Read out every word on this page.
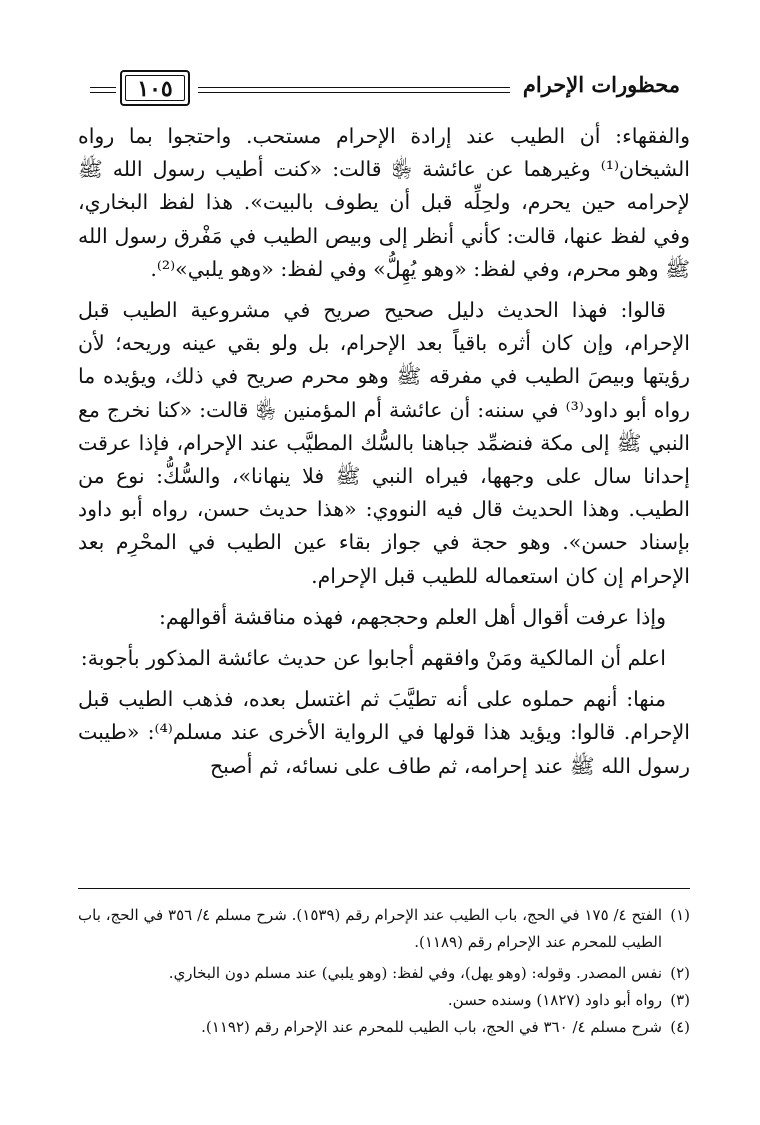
محظورات الإحرام
١٠٥

والفقهاء: أن الطيب عند إرادة الإحرام مستحب. واحتجوا بما رواه الشيخان⁽¹⁾ وغيرهما عن عائشة ﵂ قالت: «كنت أطيب رسول الله ﷺ لإحرامه حين يحرم، ولحِلِّه قبل أن يطوف بالبيت». هذا لفظ البخاري، وفي لفظ عنها، قالت: كأني أنظر إلى وبيص الطيب في مَفْرق رسول الله ﷺ وهو محرم، وفي لفظ: «وهو يُهِلُّ» وفي لفظ: «وهو يلبي»⁽²⁾.

قالوا: فهذا الحديث دليل صحيح صريح في مشروعية الطيب قبل الإحرام، وإن كان أثره باقياً بعد الإحرام، بل ولو بقي عينه وريحه؛ لأن رؤيتها وبيصَ الطيب في مفرقه ﷺ وهو محرم صريح في ذلك، ويؤيده ما رواه أبو داود⁽³⁾ في سننه: أن عائشة أم المؤمنين ﵂ قالت: «كنا نخرج مع النبي ﷺ إلى مكة فنضمِّد جباهنا بالسُّك المطيَّب عند الإحرام، فإذا عرقت إحدانا سال على وجهها، فيراه النبي ﷺ فلا ينهانا»، والسُّكُّ: نوع من الطيب. وهذا الحديث قال فيه النووي: «هذا حديث حسن، رواه أبو داود بإسناد حسن». وهو حجة في جواز بقاء عين الطيب في المحْرِم بعد الإحرام إن كان استعماله للطيب قبل الإحرام.

وإذا عرفت أقوال أهل العلم وحججهم، فهذه مناقشة أقوالهم:

اعلم أن المالكية ومَنْ وافقهم أجابوا عن حديث عائشة المذكور بأجوبة:

منها: أنهم حملوه على أنه تطيَّبَ ثم اغتسل بعده، فذهب الطيب قبل الإحرام. قالوا: ويؤيد هذا قولها في الرواية الأخرى عند مسلم⁽⁴⁾: «طيبت رسول الله ﷺ عند إحرامه، ثم طاف على نسائه، ثم أصبح

(١)
الفتح ٤/ ١٧٥ في الحج، باب الطيب عند الإحرام رقم (١٥٣٩). شرح مسلم ٤/ ٣٥٦ في الحج، باب الطيب للمحرم عند الإحرام رقم (١١٨٩).
(٢)
نفس المصدر. وقوله: (وهو يهل)، وفي لفظ: (وهو يلبي) عند مسلم دون البخاري.
(٣)
رواه أبو داود (١٨٢٧) وسنده حسن.
(٤)
شرح مسلم ٤/ ٣٦٠ في الحج، باب الطيب للمحرم عند الإحرام رقم (١١٩٢).
